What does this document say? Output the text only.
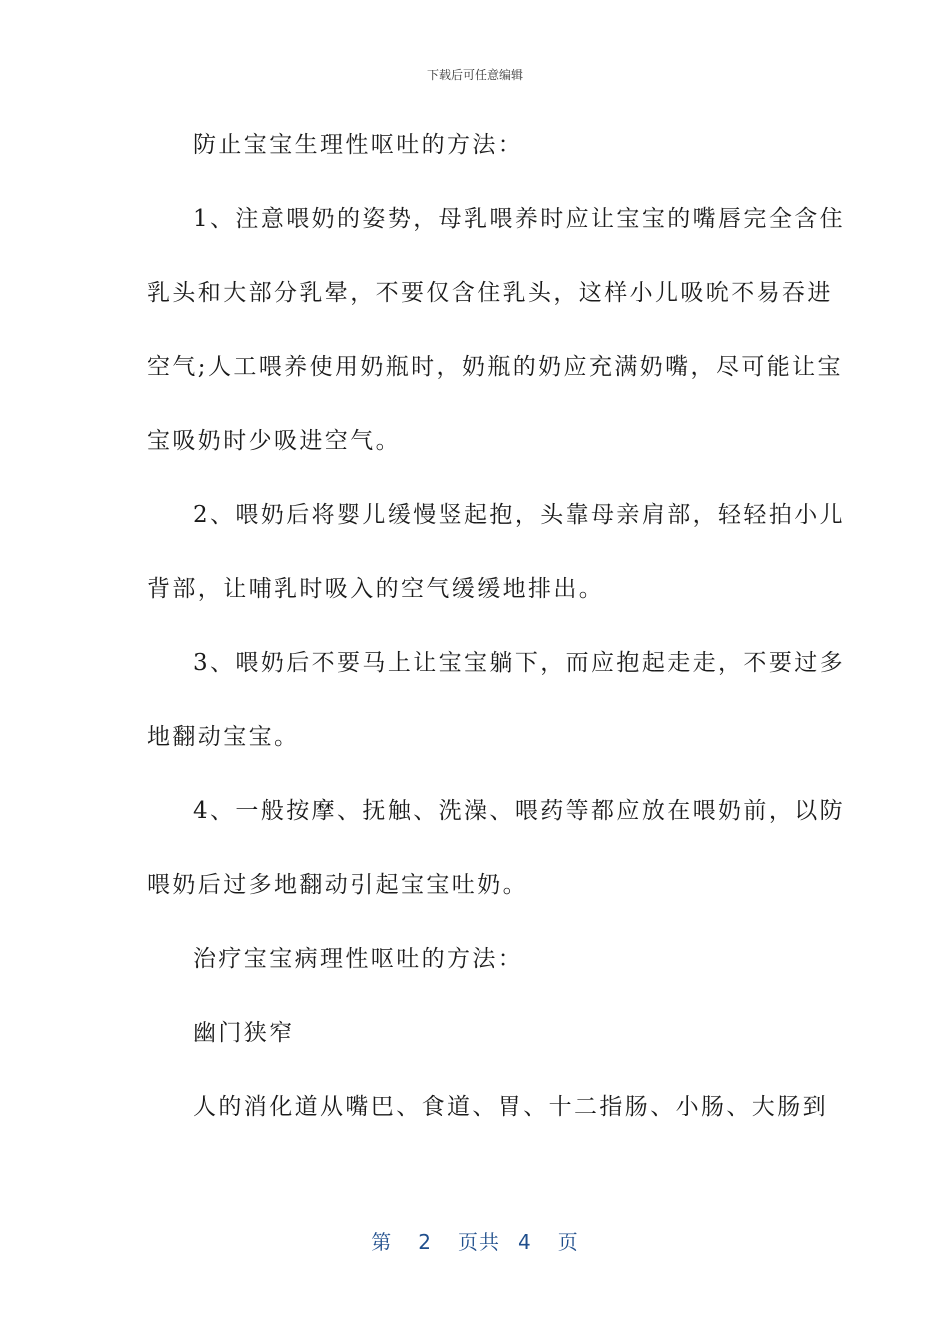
下载后可任意编辑
防止宝宝生理性呕吐的方法：
1、注意喂奶的姿势，母乳喂养时应让宝宝的嘴唇完全含住
乳头和大部分乳晕，不要仅含住乳头，这样小儿吸吮不易吞进
空气;人工喂养使用奶瓶时，奶瓶的奶应充满奶嘴，尽可能让宝
宝吸奶时少吸进空气。
2、喂奶后将婴儿缓慢竖起抱，头靠母亲肩部，轻轻拍小儿
背部，让哺乳时吸入的空气缓缓地排出。
3、喂奶后不要马上让宝宝躺下，而应抱起走走，不要过多
地翻动宝宝。
4、一般按摩、抚触、洗澡、喂药等都应放在喂奶前，以防
喂奶后过多地翻动引起宝宝吐奶。
治疗宝宝病理性呕吐的方法：
幽门狭窄
人的消化道从嘴巴、食道、胃、十二指肠、小肠、大肠到
第 2 页共 4 页
